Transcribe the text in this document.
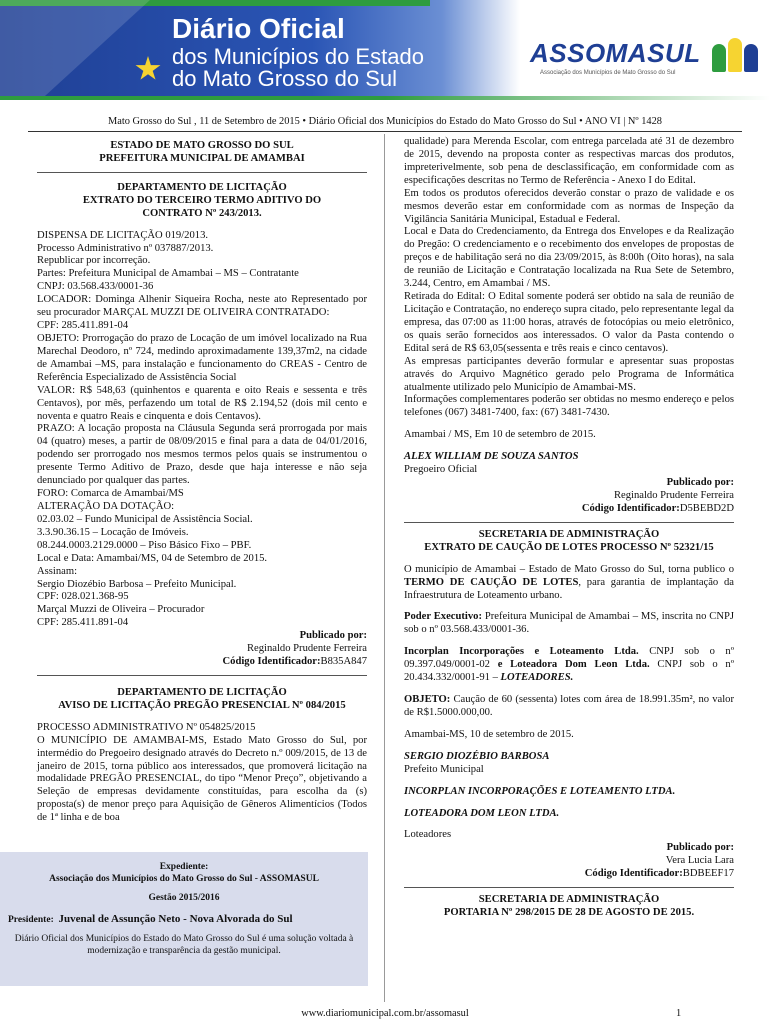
Diário Oficial
dos Municípios do Estado
do Mato Grosso do Sul
ASSOMASUL
Associação dos Municípios de Mato Grosso do Sul
Mato Grosso do Sul , 11 de Setembro de 2015 • Diário Oficial dos Municípios do Estado do Mato Grosso do Sul • ANO VI | Nº 1428
ESTADO DE MATO GROSSO DO SUL
PREFEITURA MUNICIPAL DE AMAMBAI
DEPARTAMENTO DE LICITAÇÃO
EXTRATO DO TERCEIRO TERMO ADITIVO DO
CONTRATO Nº 243/2013.

DISPENSA DE LICITAÇÃO 019/2013.

Processo Administrativo nº 037887/2013.

Republicar por incorreção.

Partes: Prefeitura Municipal de Amambai – MS – Contratante

CNPJ: 03.568.433/0001-36

LOCADOR: Dominga Alhenir Siqueira Rocha, neste ato Representado por seu procurador MARÇAL MUZZI DE OLIVEIRA CONTRATADO:

CPF: 285.411.891-04

OBJETO: Prorrogação do prazo de Locação de um imóvel localizado na Rua Marechal Deodoro, nº 724, medindo aproximadamente 139,37m2, na cidade de Amambai –MS, para instalação e funcionamento do CREAS - Centro de Referência Especializado de Assistência Social

VALOR: R$ 548,63 (quinhentos e quarenta e oito Reais e sessenta e três Centavos), por mês, perfazendo um total de R$ 2.194,52 (dois mil cento e noventa e quatro Reais e cinquenta e dois Centavos).

PRAZO: A locação proposta na Cláusula Segunda será prorrogada por mais 04 (quatro) meses, a partir de 08/09/2015 e final para a data de 04/01/2016, podendo ser prorrogado nos mesmos termos pelos quais se instrumentou o presente Termo Aditivo de Prazo, desde que haja interesse e não seja denunciado por qualquer das partes.

FORO: Comarca de Amambai/MS

ALTERAÇÃO DA DOTAÇÃO:

02.03.02 – Fundo Municipal de Assistência Social.

3.3.90.36.15 – Locação de Imóveis.

08.244.0003.2129.0000 – Piso Básico Fixo – PBF.

Local e Data: Amambai/MS, 04 de Setembro de 2015.

Assinam:

Sergio Diozébio Barbosa – Prefeito Municipal.

CPF: 028.021.368-95

Marçal Muzzi de Oliveira – Procurador

CPF: 285.411.891-04

Publicado por:
Reginaldo Prudente Ferreira
Código Identificador:B835A847
DEPARTAMENTO DE LICITAÇÃO
AVISO DE LICITAÇÃO PREGÃO PRESENCIAL Nº 084/2015

PROCESSO ADMINISTRATIVO Nº 054825/2015

O MUNICÍPIO DE AMAMBAI-MS, Estado Mato Grosso do Sul, por intermédio do Pregoeiro designado através do Decreto n.º 009/2015, de 13 de janeiro de 2015, torna público aos interessados, que promoverá licitação na modalidade PREGÃO PRESENCIAL, do tipo “Menor Preço”, objetivando a Seleção de empresas devidamente constituídas, para escolha da (s) proposta(s) de menor preço para Aquisição de Gêneros Alimentícios (Todos de 1ª linha e de boa

Expediente:
Associação dos Municípios do Mato Grosso do Sul - ASSOMASUL
Gestão 2015/2016
Presidente: Juvenal de Assunção Neto - Nova Alvorada do Sul
Diário Oficial dos Municípios do Estado do Mato Grosso do Sul é uma solução voltada à modernização e transparência da gestão municipal.

qualidade) para Merenda Escolar, com entrega parcelada até 31 de dezembro de 2015, devendo na proposta conter as respectivas marcas dos produtos, impreterivelmente, sob pena de desclassificação, em conformidade com as especificações descritas no Termo de Referência - Anexo I do Edital.

Em todos os produtos oferecidos deverão constar o prazo de validade e os mesmos deverão estar em conformidade com as normas de Inspeção da Vigilância Sanitária Municipal, Estadual e Federal.

Local e Data do Credenciamento, da Entrega dos Envelopes e da Realização do Pregão: O credenciamento e o recebimento dos envelopes de propostas de preços e de habilitação será no dia 23/09/2015, às 8:00h (Oito horas), na sala de reunião de Licitação e Contratação localizada na Rua Sete de Setembro, 3.244, Centro, em Amambai / MS.

Retirada do Edital: O Edital somente poderá ser obtido na sala de reunião de Licitação e Contratação, no endereço supra citado, pelo representante legal da empresa, das 07:00 as 11:00 horas, através de fotocópias ou meio eletrônico, os quais serão fornecidos aos interessados. O valor da Pasta contendo o Edital será de R$ 63,05(sessenta e três reais e cinco centavos).

As empresas participantes deverão formular e apresentar suas propostas através do Arquivo Magnético gerado pelo Programa de Informática atualmente utilizado pelo Município de Amambai-MS.

Informações complementares poderão ser obtidas no mesmo endereço e pelos telefones (067) 3481-7400, fax: (67) 3481-7430.

Amambai / MS, Em 10 de setembro de 2015.

ALEX WILLIAM DE SOUZA SANTOS

Pregoeiro Oficial

Publicado por:
Reginaldo Prudente Ferreira
Código Identificador:D5BEBD2D
SECRETARIA DE ADMINISTRAÇÃO
EXTRATO DE CAUÇÃO DE LOTES PROCESSO Nº 52321/15

O município de Amambai – Estado de Mato Grosso do Sul, torna publico o TERMO DE CAUÇÃO DE LOTES, para garantia de implantação da Infraestrutura de Loteamento urbano.

Poder Executivo: Prefeitura Municipal de Amambai – MS, inscrita no CNPJ sob o nº 03.568.433/0001-36.

Incorplan Incorporações e Loteamento Ltda. CNPJ sob o nº 09.397.049/0001-02 e Loteadora Dom Leon Ltda. CNPJ sob o nº 20.434.332/0001-91 – LOTEADORES.

OBJETO: Caução de 60 (sessenta) lotes com área de 18.991.35m², no valor de R$1.5000.000,00.

Amambai-MS, 10 de setembro de 2015.

SERGIO DIOZÉBIO BARBOSA

Prefeito Municipal

INCORPLAN INCORPORAÇÕES E LOTEAMENTO LTDA.

LOTEADORA DOM LEON LTDA.

Loteadores

Publicado por:
Vera Lucia Lara
Código Identificador:BDBEEF17
SECRETARIA DE ADMINISTRAÇÃO
PORTARIA Nº 298/2015 DE 28 DE AGOSTO DE 2015.
www.diariomunicipal.com.br/assomasul	1
